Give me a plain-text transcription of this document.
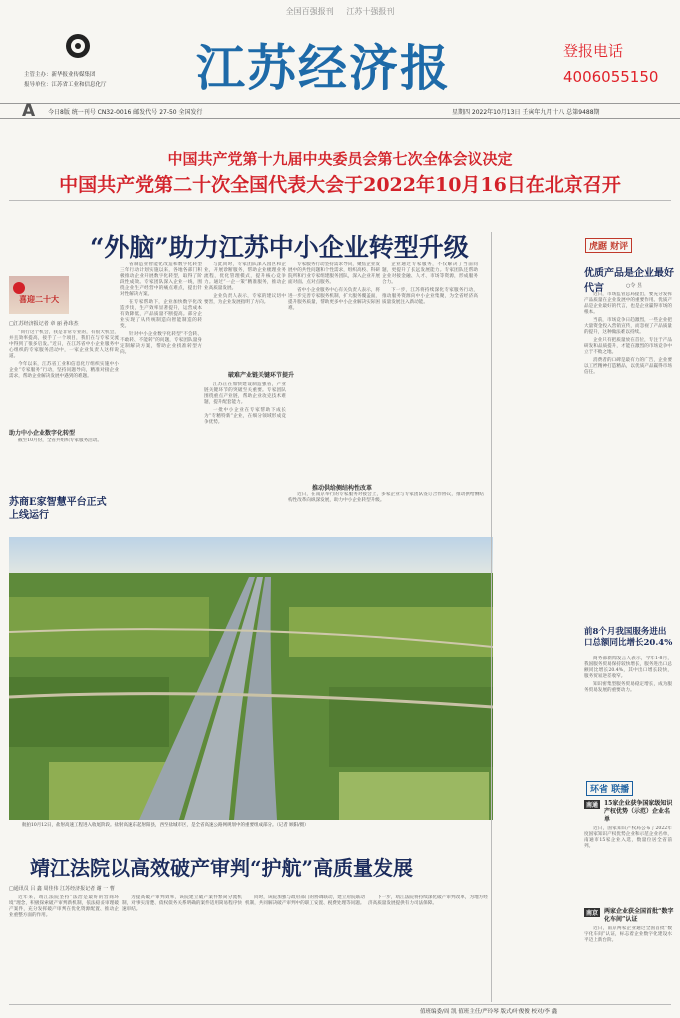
全国百强报刊 江苏十强报刊
主管主办：新华报业传媒集团
报导单位：江苏省工业和信息化厅 江苏经济报	登报电话
4006055150
A 今日8版 统一刊号 CN32-0016 邮发代号 27-50 全国发行	星期四 2022年10月13日 壬寅年九月十八 总第9488期
中国共产党第十九届中央委员会第七次全体会议决定
中国共产党第二十次全国代表大会于2022年10月16日在北京召开
“外脑”助力江苏中小企业转型升级
喜迎二十大
□江苏经济报记者 章 丽 孙玮杰

“同行这个机会，我是非常专业的，有很大机会，并且效率提高，接手了一个项目，我们在与专家交流中得到了很多启发。”近日，在江苏省中小企业服务中心组织的专家服务活动中，一家企业负责人这样说道。

今年以来，江苏省工业和信息化厅组织实施中小企业“专家服务”行动，坚持问题导向，精准对接企业需求，帮助企业解决发展中遇到的难题。

助力中小企业数字化转型

截至10月份，全省共组织专家服务活动。

省制造业智能化改造和数字化转型三年行动计划实施以来，各地各部门积极推动企业开展数字化转型，取得了阶段性成效。专家团队深入企业一线，围绕企业生产经营中的痛点难点，提出针对性解决方案。

在专家帮助下，企业加快数字化改造步伐，生产效率显著提升，运营成本有效降低，产品质量不断提高。部分企业实现了从传统制造向智能制造的转变。

针对中小企业数字化转型“不会转、不敢转、不能转”的问题，专家团队量身定制解决方案，帮助企业找准转型方向。

与此同时，专家团队深入园区和企业，开展诊断服务，帮助企业梳理业务流程，优化管理模式，提升核心竞争力。通过“一企一策”精准服务，推动企业高质量发展。

企业负责人表示，专家的建议切中要害，为企业发展指明了方向。

破难产业链关键环节提升

江苏正在加快建设制造强省，产业链关键环节的突破至关重要。专家团队围绕重点产业链，帮助企业攻克技术难题，提升配套能力。

一批中小企业在专家帮助下成长为“专精特新”企业，在细分领域形成竞争优势。

专家服务行动坚持需求导向，聚焦企业发展中的共性问题和个性需求，组织高校、科研院所和行业专家组建服务团队，深入企业开展面对面、点对点服务。

省中小企业服务中心有关负责人表示，将进一步完善专家服务机制，扩大服务覆盖面，提升服务质量，帮助更多中小企业解决实际困难。

推动供给侧结构性改革

近日，在南京举行的专家服务对接会上，多家企业与专家团队签订合作协议，推动供给侧结构性改革向纵深发展，助力中小企业转型升级。

企业通过专家服务，不仅解决了当前问题，更提升了长远发展能力。专家团队还帮助企业对接金融、人才、市场等资源，形成服务合力。

下一步，江苏将持续深化专家服务行动，推动服务资源向中小企业集聚，为全省经济高质量发展注入新动能。

苏商E家智慧平台正式上线运行
航拍10月12日，盐射高速工程进入收尾阶段。盐射高速东起射阳县，西至盐城市区，是全省高速公路网规划中的重要组成部分。（记者 顾阳/摄）
靖江法院以高效破产审判“护航”高质量发展
□通讯员 吕 鑫 周佳伟 江苏经济报记者 谢 一 曹

近年来，靖江法院坚持“法治是最好的营商环境”理念，积极探索破产审判新机制，依法稳妥审理破产案件，充分发挥破产审判在优化资源配置、推动企业重整方面的作用。

为提高破产审判效率，该院建立破产案件繁简分流机制，对事实清楚、债权债务关系明确的案件适用简易程序快速审结。

同时，该院加强与政府部门的协调联动，建立府院联动机制，共同解决破产审判中的职工安置、税费处理等问题。

下一步，靖江法院将持续深化破产审判改革，为地方经济高质量发展提供有力司法保障。

虎踞 财评
优质产品是企业最好代言	○令 昱

近日，市场监管总局提出，要充分发挥产品质量在企业发展中的重要作用。优质产品是企业最好的代言，也是企业赢得市场的根本。

当前，市场竞争日趋激烈，一些企业把大量资金投入营销宣传，而忽视了产品质量的提升，这种做法难以持续。

企业只有把质量放在首位，专注于产品研发和品质提升，才能在激烈的市场竞争中立于不败之地。

消费者的口碑是最有力的广告，企业要以工匠精神打造精品，以优质产品赢得市场信任。

前8个月我国服务进出口总额同比增长20.4%

商务部新闻发言人表示，今年1-8月，我国服务贸易保持较快增长，服务进出口总额同比增长20.4%，其中出口增长较快，服务贸易逆差收窄。

知识密集型服务贸易稳定增长，成为服务贸易发展的重要动力。

环省 联播
南通 15家企业获争国家级知识产权优势（示范）企业名单

近日，国家知识产权局公布了2022年度国家知识产权优势企业和示范企业名单，南通市15家企业入选，数量位居全省前列。

南京 两家企业获全国首批“数字化车间”认证

近日，南京两家企业通过全国首批“数字化车间”认证，标志着企业数字化建设水平迈上新台阶。

值班编委/周 凯 值班主任/严玲琴 版式/叶俊俊 校对/李 鑫
